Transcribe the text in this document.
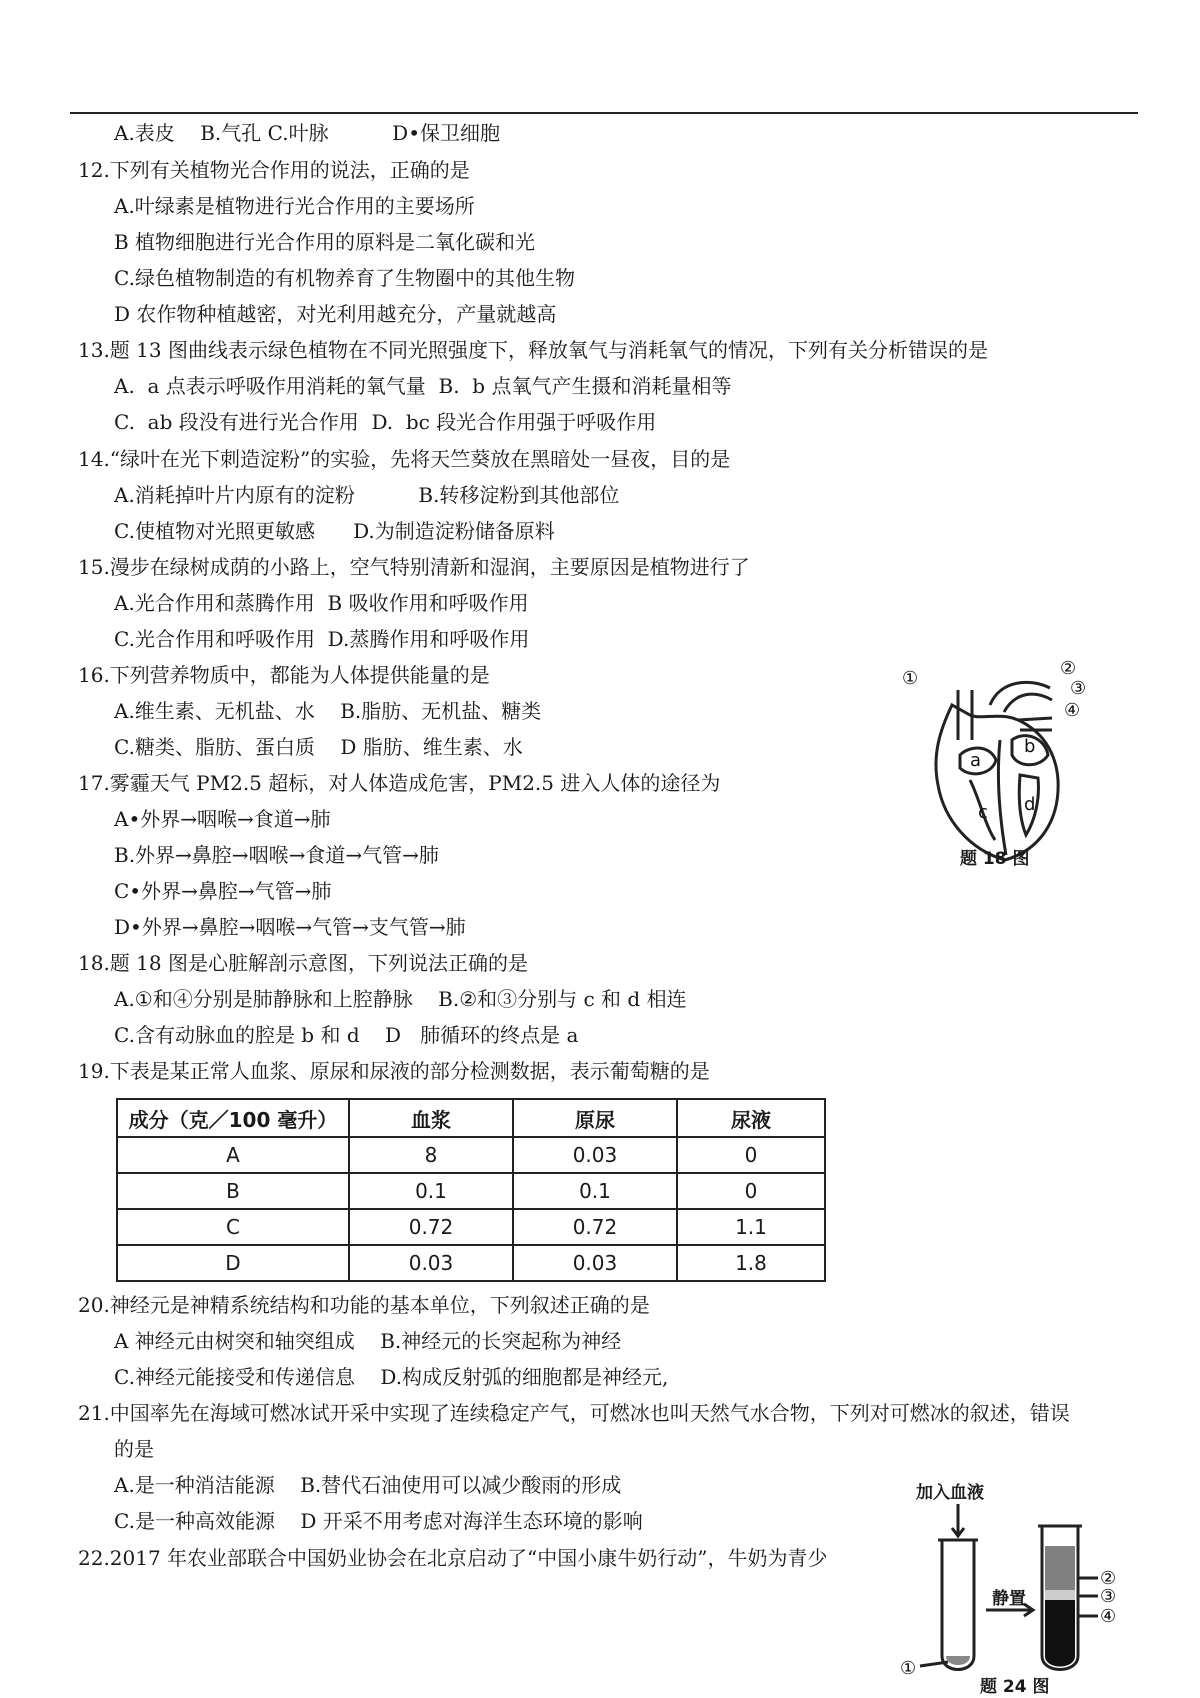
A.表皮    B.气孔 C.叶脉          D•保卫细胞
12.下列有关植物光合作用的说法，正确的是
A.叶绿素是植物进行光合作用的主要场所
B 植物细胞进行光合作用的原料是二氧化碳和光
C.绿色植物制造的有机物养育了生物圈中的其他生物
D 农作物种植越密，对光利用越充分，产量就越高
13.题 13 图曲线表示绿色植物在不同光照强度下，释放氧气与消耗氧气的情况，下列有关分析错误的是
A.  a 点表示呼吸作用消耗的氧气量  B.  b 点氧气产生摄和消耗量相等
C.  ab 段没有进行光合作用  D.  bc 段光合作用强于呼吸作用
14.“绿叶在光下刺造淀粉”的实验，先将天竺葵放在黑暗处一昼夜，目的是
A.消耗掉叶片内原有的淀粉          B.转移淀粉到其他部位
C.使植物对光照更敏感      D.为制造淀粉储备原料
15.漫步在绿树成荫的小路上，空气特别清新和湿润，主要原因是植物进行了
A.光合作用和蒸腾作用  B 吸收作用和呼吸作用
C.光合作用和呼吸作用  D.蒸腾作用和呼吸作用
16.下列营养物质中，都能为人体提供能量的是
A.维生素、无机盐、水    B.脂肪、无机盐、糖类
C.糖类、脂肪、蛋白质    D 脂肪、维生素、水
17.雾霾天气 PM2.5 超标，对人体造成危害，PM2.5 进入人体的途径为
A•外界→咽喉→食道→肺
B.外界→鼻腔→咽喉→食道→气管→肺
C•外界→鼻腔→气管→肺
D•外界→鼻腔→咽喉→气管→支气管→肺
18.题 18 图是心脏解剖示意图，下列说法正确的是
A.①和④分别是肺静脉和上腔静脉    B.②和③分别与 c 和 d 相连
C.含有动脉血的腔是 b 和 d    D   肺循环的终点是 a
19.下表是某正常人血浆、原尿和尿液的部分检测数据，表示葡萄糖的是
20.神经元是神精系统结构和功能的基本单位，下列叙述正确的是
A 神经元由树突和轴突组成    B.神经元的长突起称为神经
C.神经元能接受和传递信息    D.构成反射弧的细胞都是神经元,
21.中国率先在海域可燃冰试开采中实现了连续稳定产气，可燃冰也叫天然气水合物，下列对可燃冰的叙述，错误
的是
A.是一种消洁能源    B.替代石油使用可以减少酸雨的形成
C.是一种高效能源    D 开采不用考虑对海洋生态环境的影响
22.2017 年农业部联合中国奶业协会在北京启动了“中国小康牛奶行动”，牛奶为青少
成分（克／100 毫升）	血浆	原尿	尿液
A	8	0.03	0
B	0.1	0.1	0
C	0.72	0.72	1.1
D	0.03	0.03	1.8
①	②
③
④
a
b
c d
题 18 图
加入血液
②
③
④
①
静置
题 24 图
